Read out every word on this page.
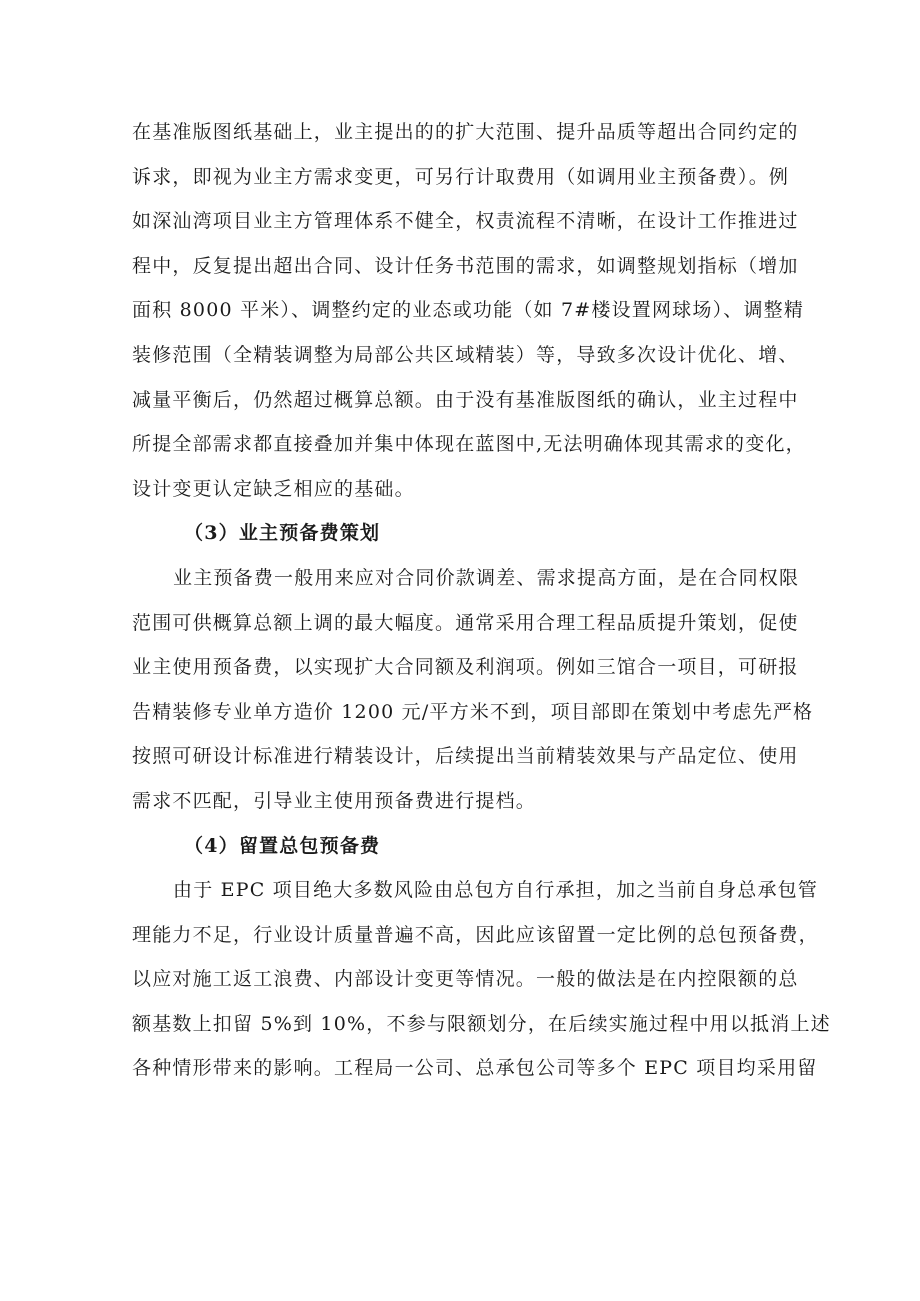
在基准版图纸基础上，业主提出的的扩大范围、提升品质等超出合同约定的
诉求，即视为业主方需求变更，可另行计取费用（如调用业主预备费）。例
如深汕湾项目业主方管理体系不健全，权责流程不清晰，在设计工作推进过
程中，反复提出超出合同、设计任务书范围的需求，如调整规划指标（增加
面积 8000 平米）、调整约定的业态或功能（如 7#楼设置网球场）、调整精
装修范围（全精装调整为局部公共区域精装）等，导致多次设计优化、增、
减量平衡后，仍然超过概算总额。由于没有基准版图纸的确认，业主过程中
所提全部需求都直接叠加并集中体现在蓝图中,无法明确体现其需求的变化，
设计变更认定缺乏相应的基础。
（3）业主预备费策划
业主预备费一般用来应对合同价款调差、需求提高方面，是在合同权限
范围可供概算总额上调的最大幅度。通常采用合理工程品质提升策划，促使
业主使用预备费，以实现扩大合同额及利润项。例如三馆合一项目，可研报
告精装修专业单方造价 1200 元/平方米不到，项目部即在策划中考虑先严格
按照可研设计标准进行精装设计，后续提出当前精装效果与产品定位、使用
需求不匹配，引导业主使用预备费进行提档。
（4）留置总包预备费
由于 EPC 项目绝大多数风险由总包方自行承担，加之当前自身总承包管
理能力不足，行业设计质量普遍不高，因此应该留置一定比例的总包预备费，
以应对施工返工浪费、内部设计变更等情况。一般的做法是在内控限额的总
额基数上扣留 5%到 10%，不参与限额划分，在后续实施过程中用以抵消上述
各种情形带来的影响。工程局一公司、总承包公司等多个 EPC 项目均采用留
